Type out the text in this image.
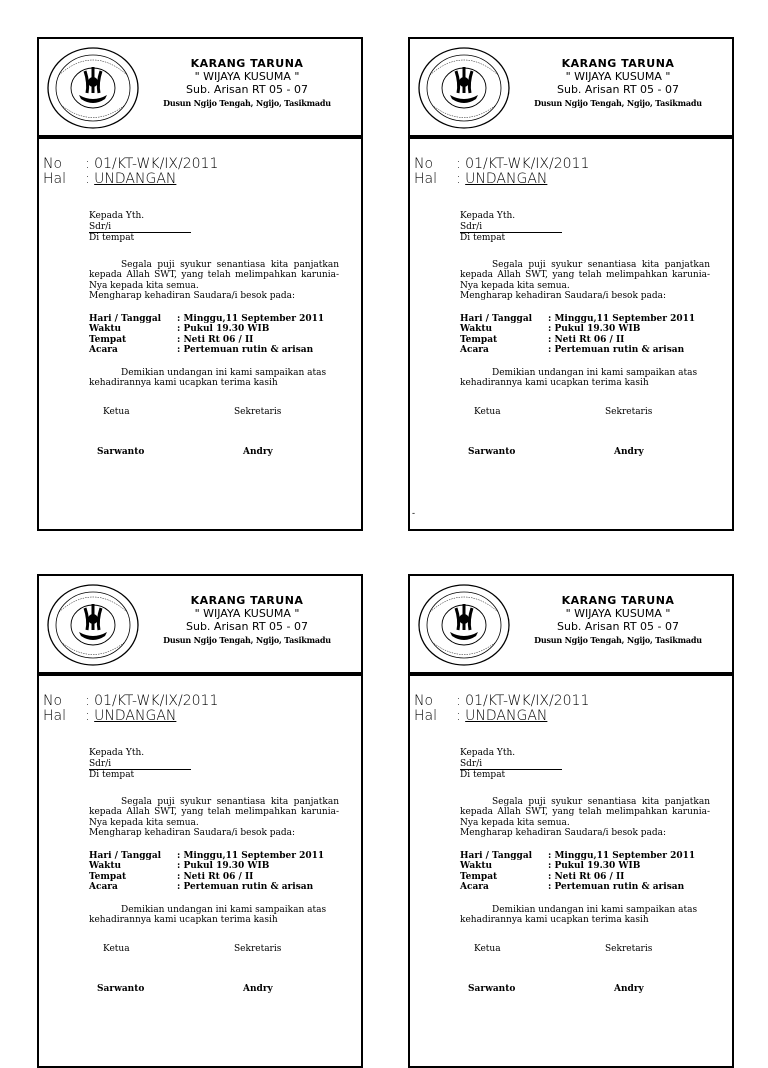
KARANG TARUNA
" WIJAYA KUSUMA "
Sub. Arisan RT 05 - 07
Dusun Ngijo Tengah, Ngijo, Tasikmadu
No	: 01/KT-WK/IX/2011
Hal	: UNDANGAN
Kepada Yth.
Sdr/i
Di tempat
Segala puji syukur senantiasa kita panjatkan kepada Allah SWT, yang telah melimpahkan karunia-Nya kepada kita semua.
Mengharap kehadiran Saudara/i besok pada:
Hari / Tanggal	: Minggu,11 September 2011
Waktu	: Pukul 19.30 WIB
Tempat	: Neti Rt 06 / II
Acara	: Pertemuan rutin & arisan
Demikian undangan ini kami sampaikan atas kehadirannya kami ucapkan terima kasih
Ketua	Sekretaris
Sarwanto	Andry
KARANG TARUNA
" WIJAYA KUSUMA "
Sub. Arisan RT 05 - 07
Dusun Ngijo Tengah, Ngijo, Tasikmadu
No	: 01/KT-WK/IX/2011
Hal	: UNDANGAN
Kepada Yth.
Sdr/i
Di tempat
Segala puji syukur senantiasa kita panjatkan kepada Allah SWT, yang telah melimpahkan karunia-Nya kepada kita semua.
Mengharap kehadiran Saudara/i besok pada:
Hari / Tanggal	: Minggu,11 September 2011
Waktu	: Pukul 19.30 WIB
Tempat	: Neti Rt 06 / II
Acara	: Pertemuan rutin & arisan
Demikian undangan ini kami sampaikan atas kehadirannya kami ucapkan terima kasih
Ketua	Sekretaris
Sarwanto	Andry
-
KARANG TARUNA
" WIJAYA KUSUMA "
Sub. Arisan RT 05 - 07
Dusun Ngijo Tengah, Ngijo, Tasikmadu
No	: 01/KT-WK/IX/2011
Hal	: UNDANGAN
Kepada Yth.
Sdr/i
Di tempat
Segala puji syukur senantiasa kita panjatkan kepada Allah SWT, yang telah melimpahkan karunia-Nya kepada kita semua.
Mengharap kehadiran Saudara/i besok pada:
Hari / Tanggal	: Minggu,11 September 2011
Waktu	: Pukul 19.30 WIB
Tempat	: Neti Rt 06 / II
Acara	: Pertemuan rutin & arisan
Demikian undangan ini kami sampaikan atas kehadirannya kami ucapkan terima kasih
Ketua	Sekretaris
Sarwanto	Andry
KARANG TARUNA
" WIJAYA KUSUMA "
Sub. Arisan RT 05 - 07
Dusun Ngijo Tengah, Ngijo, Tasikmadu
No	: 01/KT-WK/IX/2011
Hal	: UNDANGAN
Kepada Yth.
Sdr/i
Di tempat
Segala puji syukur senantiasa kita panjatkan kepada Allah SWT, yang telah melimpahkan karunia-Nya kepada kita semua.
Mengharap kehadiran Saudara/i besok pada:
Hari / Tanggal	: Minggu,11 September 2011
Waktu	: Pukul 19.30 WIB
Tempat	: Neti Rt 06 / II
Acara	: Pertemuan rutin & arisan
Demikian undangan ini kami sampaikan atas kehadirannya kami ucapkan terima kasih
Ketua	Sekretaris
Sarwanto	Andry
